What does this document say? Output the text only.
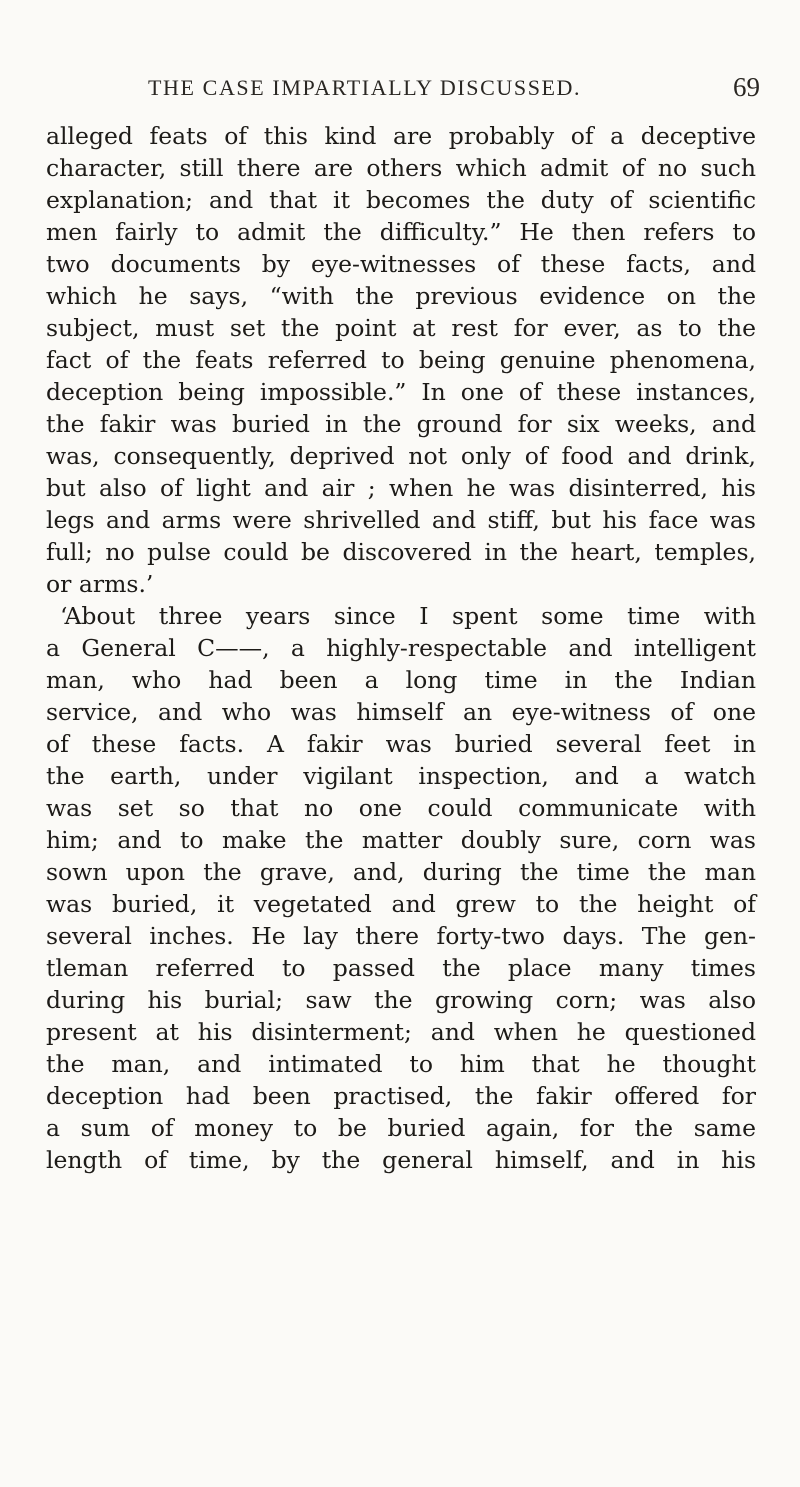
THE CASE IMPARTIALLY DISCUSSED.	69
alleged feats of this kind are probably of a deceptive
character, still there are others which admit of no such
explanation; and that it becomes the duty of scientific
men fairly to admit the difficulty.” He then refers to
two documents by eye-witnesses of these facts, and
which he says, “with the previous evidence on the
subject, must set the point at rest for ever, as to the
fact of the feats referred to being genuine phenomena,
deception being impossible.” In one of these instances,
the fakir was buried in the ground for six weeks, and
was, consequently, deprived not only of food and drink,
but also of light and air ; when he was disinterred, his
legs and arms were shrivelled and stiff, but his face was
full; no pulse could be discovered in the heart, temples,
or arms.’
‘About three years since I spent some time with
a General C——, a highly-respectable and intelligent
man, who had been a long time in the Indian
service, and who was himself an eye-witness of one
of these facts. A fakir was buried several feet in
the earth, under vigilant inspection, and a watch
was set so that no one could communicate with
him; and to make the matter doubly sure, corn was
sown upon the grave, and, during the time the man
was buried, it vegetated and grew to the height of
several inches. He lay there forty-two days. The gen-
tleman referred to passed the place many times
during his burial; saw the growing corn; was also
present at his disinterment; and when he questioned
the man, and intimated to him that he thought
deception had been practised, the fakir offered for
a sum of money to be buried again, for the same
length of time, by the general himself, and in his
